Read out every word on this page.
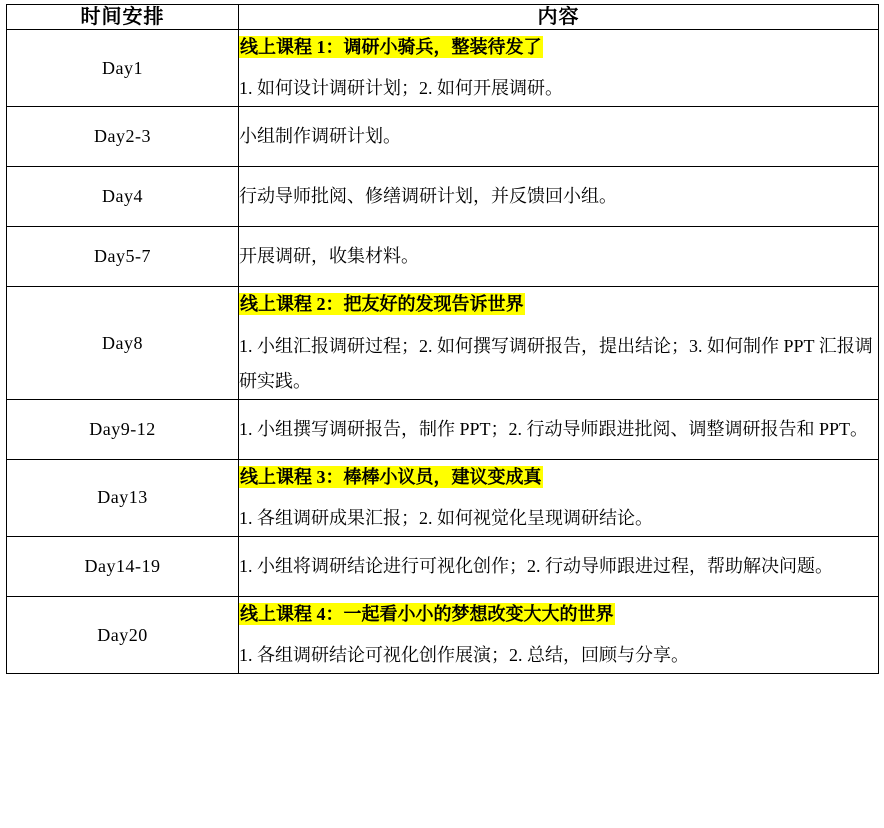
时间安排	内容
Day1	线上课程 1：调研小骑兵，整装待发了
1. 如何设计调研计划；2. 如何开展调研。

Day2-3	小组制作调研计划。

Day4	行动导师批阅、修缮调研计划，并反馈回小组。

Day5-7	开展调研，收集材料。

Day8	线上课程 2：把友好的发现告诉世界
1. 小组汇报调研过程；2. 如何撰写调研报告，提出结论；3. 如何制作 PPT 汇报调研实践。

Day9-12	1. 小组撰写调研报告，制作 PPT；2. 行动导师跟进批阅、调整调研报告和 PPT。

Day13	线上课程 3：棒棒小议员，建议变成真
1. 各组调研成果汇报；2. 如何视觉化呈现调研结论。

Day14-19	1. 小组将调研结论进行可视化创作；2. 行动导师跟进过程，帮助解决问题。

Day20	线上课程 4：一起看小小的梦想改变大大的世界
1. 各组调研结论可视化创作展演；2. 总结，回顾与分享。
